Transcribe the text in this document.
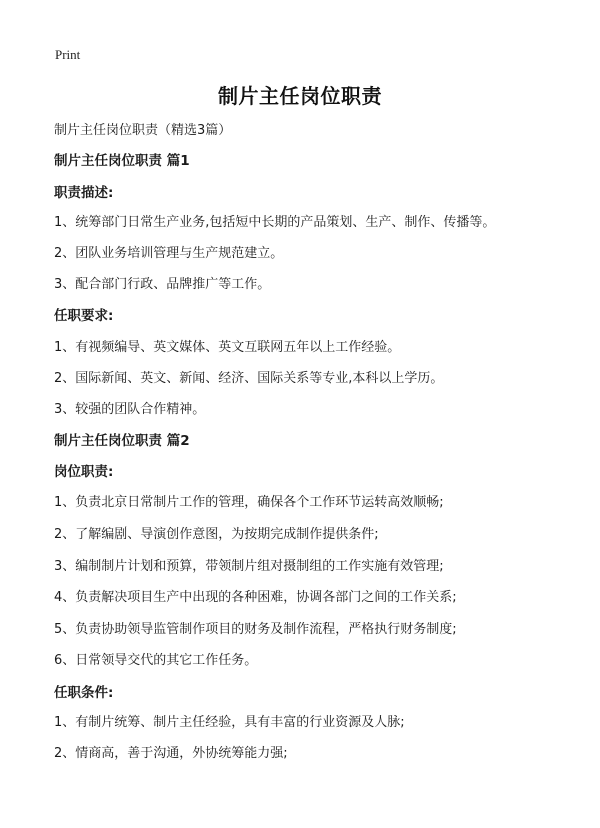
Print
制片主任岗位职责
制片主任岗位职责（精选3篇）
制片主任岗位职责 篇1
职责描述:
1、统筹部门日常生产业务,包括短中长期的产品策划、生产、制作、传播等。
2、团队业务培训管理与生产规范建立。
3、配合部门行政、品牌推广等工作。
任职要求:
1、有视频编导、英文媒体、英文互联网五年以上工作经验。
2、国际新闻、英文、新闻、经济、国际关系等专业,本科以上学历。
3、较强的团队合作精神。
制片主任岗位职责 篇2
岗位职责:
1、负责北京日常制片工作的管理，确保各个工作环节运转高效顺畅;
2、了解编剧、导演创作意图，为按期完成制作提供条件;
3、编制制片计划和预算，带领制片组对摄制组的工作实施有效管理;
4、负责解决项目生产中出现的各种困难，协调各部门之间的工作关系;
5、负责协助领导监管制作项目的财务及制作流程，严格执行财务制度;
6、日常领导交代的其它工作任务。
任职条件:
1、有制片统筹、制片主任经验，具有丰富的行业资源及人脉;
2、情商高，善于沟通，外协统筹能力强;
